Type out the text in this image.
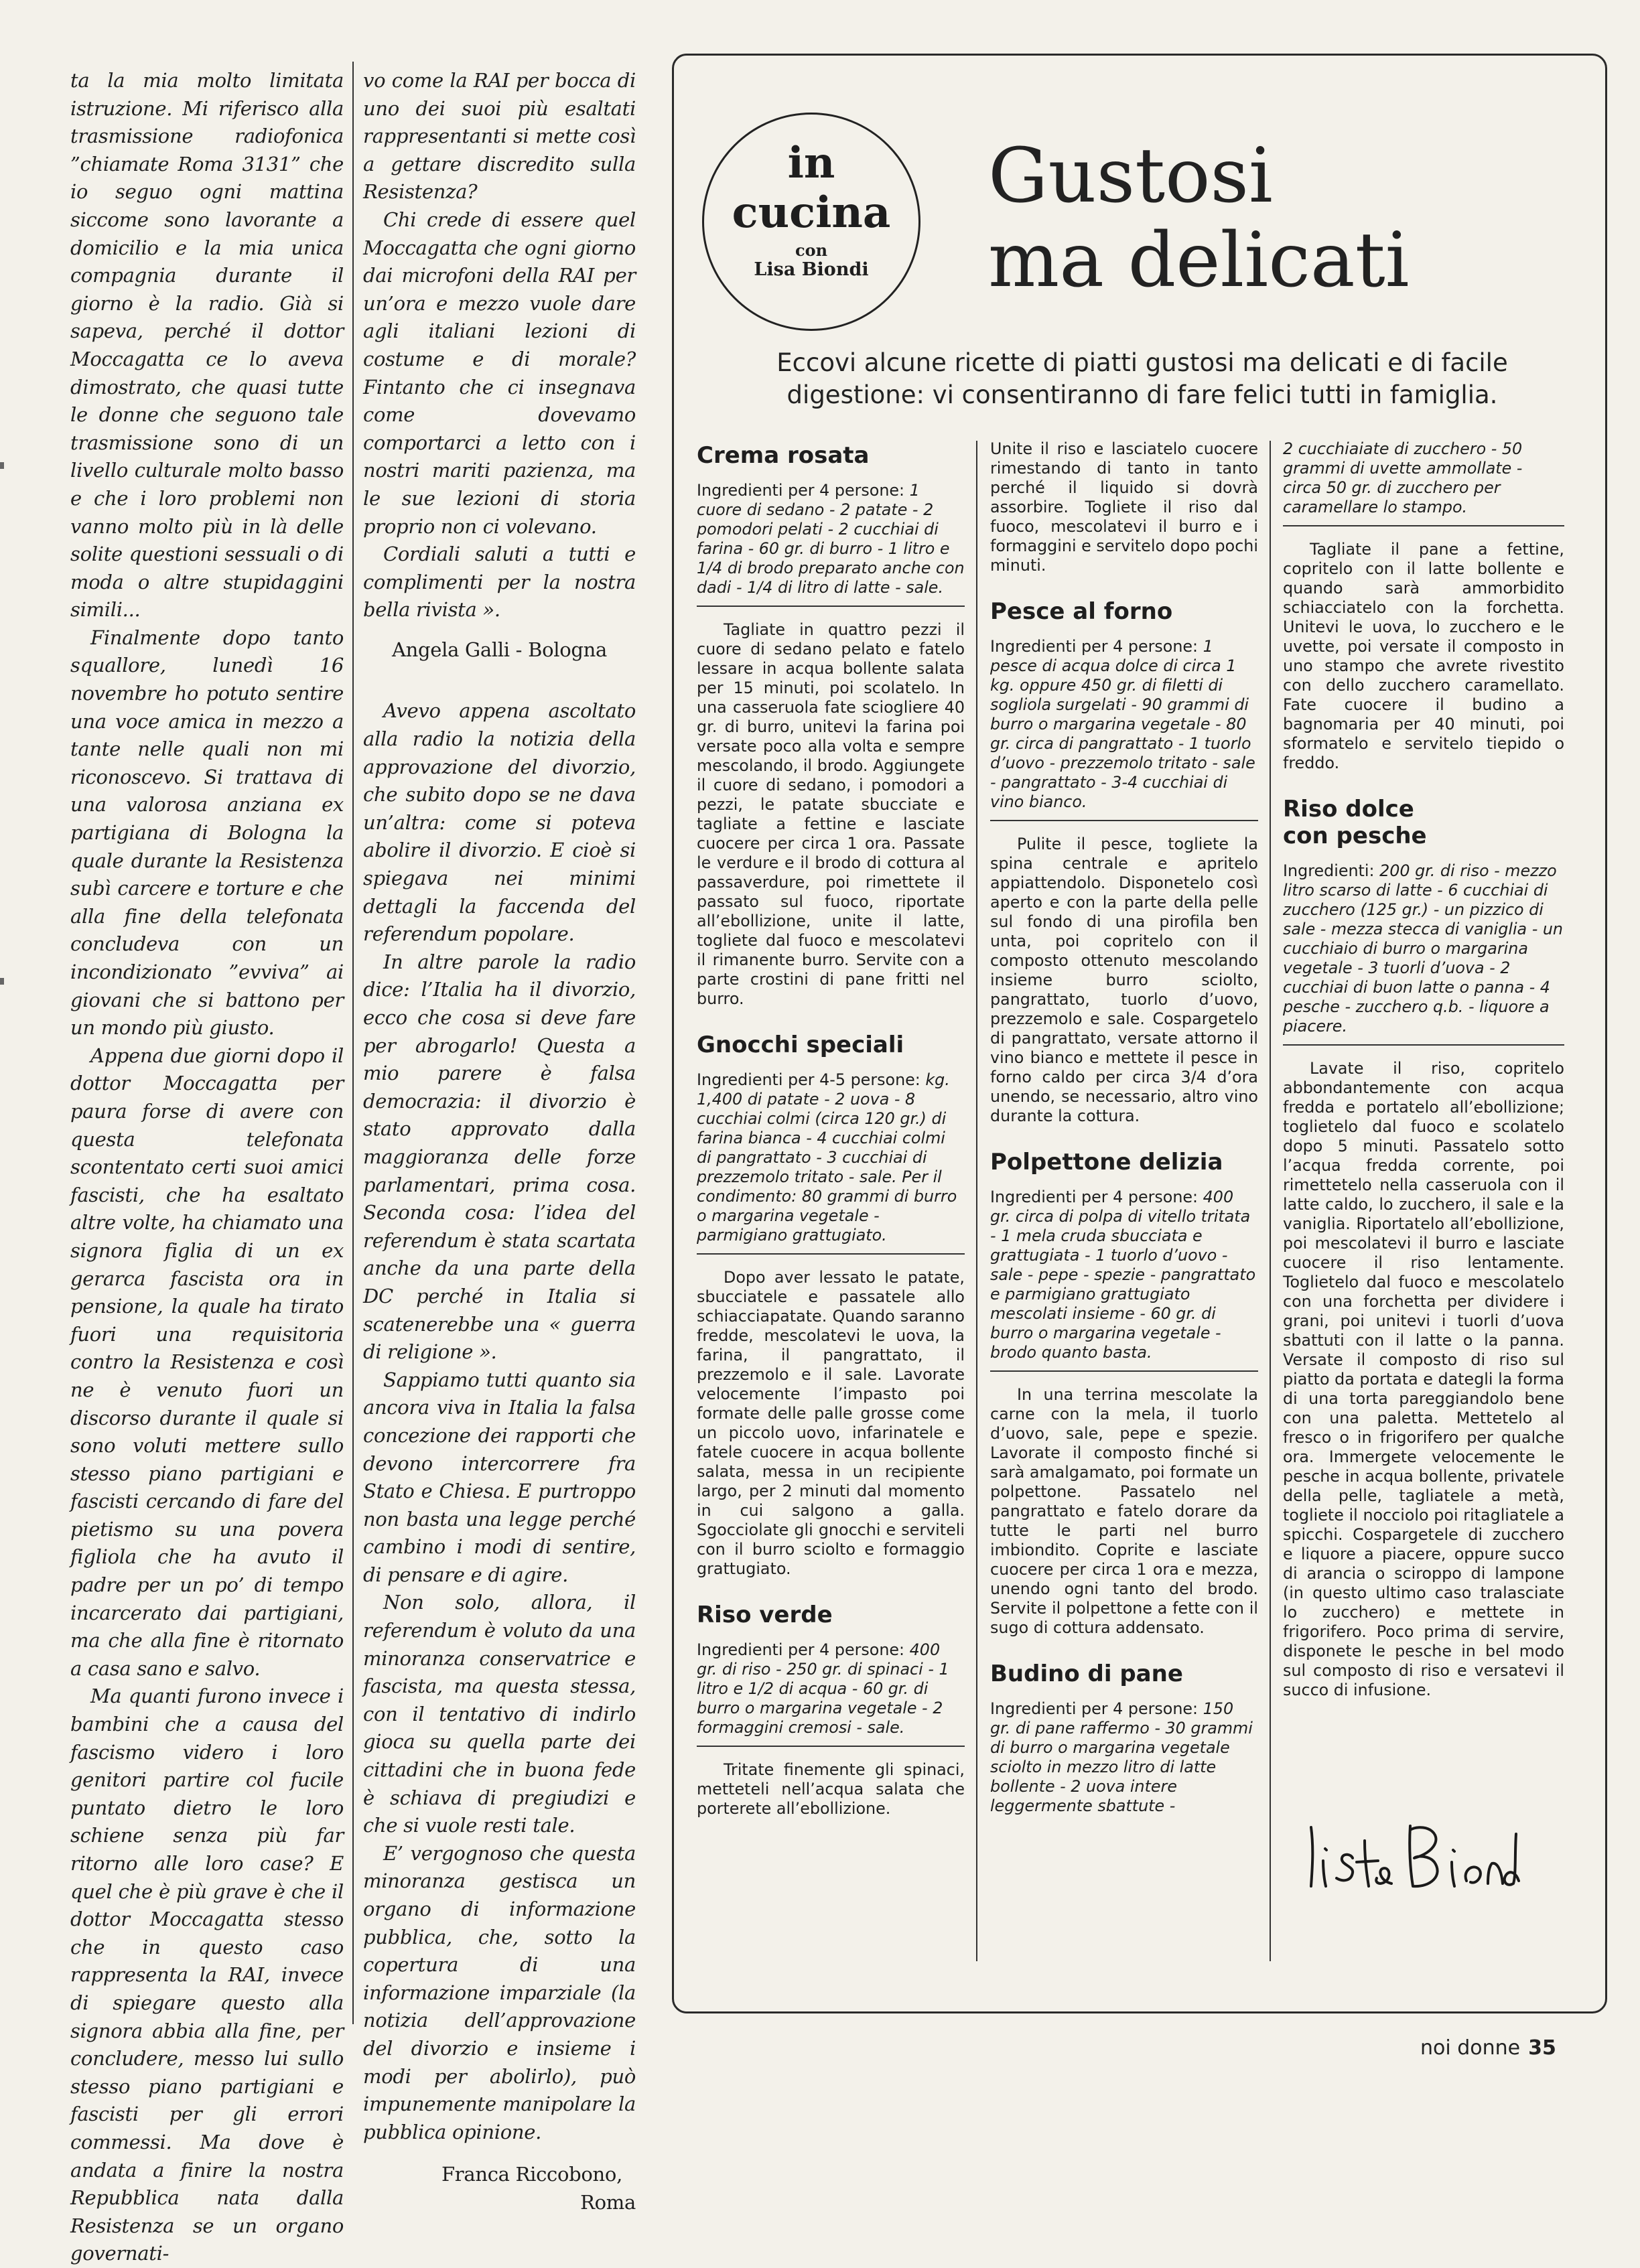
ta la mia molto limitata istruzione. Mi riferisco alla trasmissione radiofonica ”chiamate Roma 3131” che io seguo ogni mattina siccome sono lavorante a domicilio e la mia unica compagnia durante il giorno è la radio. Già si sapeva, perché il dottor Moccagatta ce lo aveva dimostrato, che quasi tutte le donne che seguono tale trasmissione sono di un livello culturale molto basso e che i loro problemi non vanno molto più in là delle solite questioni sessuali o di moda o altre stupidaggini simili...

Finalmente dopo tanto squallore, lunedì 16 novembre ho potuto sentire una voce amica in mezzo a tante nelle quali non mi riconoscevo. Si trattava di una valorosa anziana ex partigiana di Bologna la quale durante la Resistenza subì carcere e torture e che alla fine della telefonata concludeva con un incondizionato ”evviva” ai giovani che si battono per un mondo più giusto.

Appena due giorni dopo il dottor Moccagatta per paura forse di avere con questa telefonata scontentato certi suoi amici fascisti, che ha esaltato altre volte, ha chiamato una signora figlia di un ex gerarca fascista ora in pensione, la quale ha tirato fuori una requisitoria contro la Resistenza e così ne è venuto fuori un discorso durante il quale si sono voluti mettere sullo stesso piano partigiani e fascisti cercando di fare del pietismo su una povera figliola che ha avuto il padre per un po’ di tempo incarcerato dai partigiani, ma che alla fine è ritornato a casa sano e salvo.

Ma quanti furono invece i bambini che a causa del fascismo videro i loro genitori partire col fucile puntato dietro le loro schiene senza più far ritorno alle loro case? E quel che è più grave è che il dottor Moccagatta stesso che in questo caso rappresenta la RAI, invece di spiegare questo alla signora abbia alla fine, per concludere, messo lui sullo stesso piano partigiani e fascisti per gli errori commessi. Ma dove è andata a finire la nostra Repubblica nata dalla Resistenza se un organo governati-

vo come la RAI per bocca di uno dei suoi più esaltati rappresentanti si mette così a gettare discredito sulla Resistenza?

Chi crede di essere quel Moccagatta che ogni giorno dai microfoni della RAI per un’ora e mezzo vuole dare agli italiani lezioni di costume e di morale? Fintanto che ci insegnava come dovevamo comportarci a letto con i nostri mariti pazienza, ma le sue lezioni di storia proprio non ci volevano.

Cordiali saluti a tutti e complimenti per la nostra bella rivista ».

Angela Galli - Bologna

Avevo appena ascoltato alla radio la notizia della approvazione del divorzio, che subito dopo se ne dava un’altra: come si poteva abolire il divorzio. E cioè si spiegava nei minimi dettagli la faccenda del referendum popolare.

In altre parole la radio dice: l’Italia ha il divorzio, ecco che cosa si deve fare per abrogarlo! Questa a mio parere è falsa democrazia: il divorzio è stato approvato dalla maggioranza delle forze parlamentari, prima cosa. Seconda cosa: l’idea del referendum è stata scartata anche da una parte della DC perché in Italia si scatenerebbe una « guerra di religione ».

Sappiamo tutti quanto sia ancora viva in Italia la falsa concezione dei rapporti che devono intercorrere fra Stato e Chiesa. E purtroppo non basta una legge perché cambino i modi di sentire, di pensare e di agire.

Non solo, allora, il referendum è voluto da una minoranza conservatrice e fascista, ma questa stessa, con il tentativo di indirlo gioca su quella parte dei cittadini che in buona fede è schiava di pregiudizi e che si vuole resti tale.

E’ vergognoso che questa minoranza gestisca un organo di informazione pubblica, che, sotto la copertura di una informazione imparziale (la notizia dell’approvazione del divorzio e insieme i modi per abolirlo), può impunemente manipolare la pubblica opinione.

Franca Riccobono,

Roma

in
cucina
con
Lisa Biondi
Gustosi
ma delicati
Eccovi alcune ricette di piatti gustosi ma delicati e di facile digestione: vi consentiranno di fare felici tutti in famiglia.
Crema rosata

Ingredienti per 4 persone: 1 cuore di sedano - 2 patate - 2 pomodori pelati - 2 cucchiai di farina - 60 gr. di burro - 1 litro e 1/4 di brodo preparato anche con dadi - 1/4 di litro di latte - sale.

Tagliate in quattro pezzi il cuore di sedano pelato e fatelo lessare in acqua bollente salata per 15 minuti, poi scolatelo. In una casseruola fate sciogliere 40 gr. di burro, unitevi la farina poi versate poco alla volta e sempre mescolando, il brodo. Aggiungete il cuore di sedano, i pomodori a pezzi, le patate sbucciate e tagliate a fettine e lasciate cuocere per circa 1 ora. Passate le verdure e il brodo di cottura al passaverdure, poi rimettete il passato sul fuoco, riportate all’ebollizione, unite il latte, togliete dal fuoco e mescolatevi il rimanente burro. Servite con a parte crostini di pane fritti nel burro.

Gnocchi speciali

Ingredienti per 4-5 persone: kg. 1,400 di patate - 2 uova - 8 cucchiai colmi (circa 120 gr.) di farina bianca - 4 cucchiai colmi di pangrattato - 3 cucchiai di prezzemolo tritato - sale. Per il condimento: 80 grammi di burro o margarina vegetale - parmigiano grattugiato.

Dopo aver lessato le patate, sbucciatele e passatele allo schiacciapatate. Quando saranno fredde, mescolatevi le uova, la farina, il pangrattato, il prezzemolo e il sale. Lavorate velocemente l’impasto poi formate delle palle grosse come un piccolo uovo, infarinatele e fatele cuocere in acqua bollente salata, messa in un recipiente largo, per 2 minuti dal momento in cui salgono a galla. Sgocciolate gli gnocchi e serviteli con il burro sciolto e formaggio grattugiato.

Riso verde

Ingredienti per 4 persone: 400 gr. di riso - 250 gr. di spinaci - 1 litro e 1/2 di acqua - 60 gr. di burro o margarina vegetale - 2 formaggini cremosi - sale.

Tritate finemente gli spinaci, metteteli nell’acqua salata che porterete all’ebollizione.

Unite il riso e lasciatelo cuocere rimestando di tanto in tanto perché il liquido si dovrà assorbire. Togliete il riso dal fuoco, mescolatevi il burro e i formaggini e servitelo dopo pochi minuti.

Pesce al forno

Ingredienti per 4 persone: 1 pesce di acqua dolce di circa 1 kg. oppure 450 gr. di filetti di sogliola surgelati - 90 grammi di burro o margarina vegetale - 80 gr. circa di pangrattato - 1 tuorlo d’uovo - prezzemolo tritato - sale - pangrattato - 3-4 cucchiai di vino bianco.

Pulite il pesce, togliete la spina centrale e apritelo appiattendolo. Disponetelo così aperto e con la parte della pelle sul fondo di una pirofila ben unta, poi copritelo con il composto ottenuto mescolando insieme burro sciolto, pangrattato, tuorlo d’uovo, prezzemolo e sale. Cospargetelo di pangrattato, versate attorno il vino bianco e mettete il pesce in forno caldo per circa 3/4 d’ora unendo, se necessario, altro vino durante la cottura.

Polpettone delizia

Ingredienti per 4 persone: 400 gr. circa di polpa di vitello tritata - 1 mela cruda sbucciata e grattugiata - 1 tuorlo d’uovo - sale - pepe - spezie - pangrattato e parmigiano grattugiato mescolati insieme - 60 gr. di burro o margarina vegetale - brodo quanto basta.

In una terrina mescolate la carne con la mela, il tuorlo d’uovo, sale, pepe e spezie. Lavorate il composto finché si sarà amalgamato, poi formate un polpettone. Passatelo nel pangrattato e fatelo dorare da tutte le parti nel burro imbiondito. Coprite e lasciate cuocere per circa 1 ora e mezza, unendo ogni tanto del brodo. Servite il polpettone a fette con il sugo di cottura addensato.

Budino di pane

Ingredienti per 4 persone: 150 gr. di pane raffermo - 30 grammi di burro o margarina vegetale sciolto in mezzo litro di latte bollente - 2 uova intere leggermente sbattute -

2 cucchiaiate di zucchero - 50 grammi di uvette ammollate - circa 50 gr. di zucchero per caramellare lo stampo.

Tagliate il pane a fettine, copritelo con il latte bollente e quando sarà ammorbidito schiacciatelo con la forchetta. Unitevi le uova, lo zucchero e le uvette, poi versate il composto in uno stampo che avrete rivestito con dello zucchero caramellato. Fate cuocere il budino a bagnomaria per 40 minuti, poi sformatelo e servitelo tiepido o freddo.

Riso dolce
con pesche

Ingredienti: 200 gr. di riso - mezzo litro scarso di latte - 6 cucchiai di zucchero (125 gr.) - un pizzico di sale - mezza stecca di vaniglia - un cucchiaio di burro o margarina vegetale - 3 tuorli d’uova - 2 cucchiai di buon latte o panna - 4 pesche - zucchero q.b. - liquore a piacere.

Lavate il riso, copritelo abbondantemente con acqua fredda e portatelo all’ebollizione; toglietelo dal fuoco e scolatelo dopo 5 minuti. Passatelo sotto l’acqua fredda corrente, poi rimettetelo nella casseruola con il latte caldo, lo zucchero, il sale e la vaniglia. Riportatelo all’ebollizione, poi mescolatevi il burro e lasciate cuocere il riso lentamente. Toglietelo dal fuoco e mescolatelo con una forchetta per dividere i grani, poi unitevi i tuorli d’uova sbattuti con il latte o la panna. Versate il composto di riso sul piatto da portata e dategli la forma di una torta pareggiandolo bene con una paletta. Mettetelo al fresco o in frigorifero per qualche ora. Immergete velocemente le pesche in acqua bollente, privatele della pelle, tagliatele a metà, togliete il nocciolo poi ritagliatele a spicchi. Cospargetele di zucchero e liquore a piacere, oppure succo di arancia o sciroppo di lampone (in questo ultimo caso tralasciate lo zucchero) e mettete in frigorifero. Poco prima di servire, disponete le pesche in bel modo sul composto di riso e versatevi il succo di infusione.

noi donne 35
